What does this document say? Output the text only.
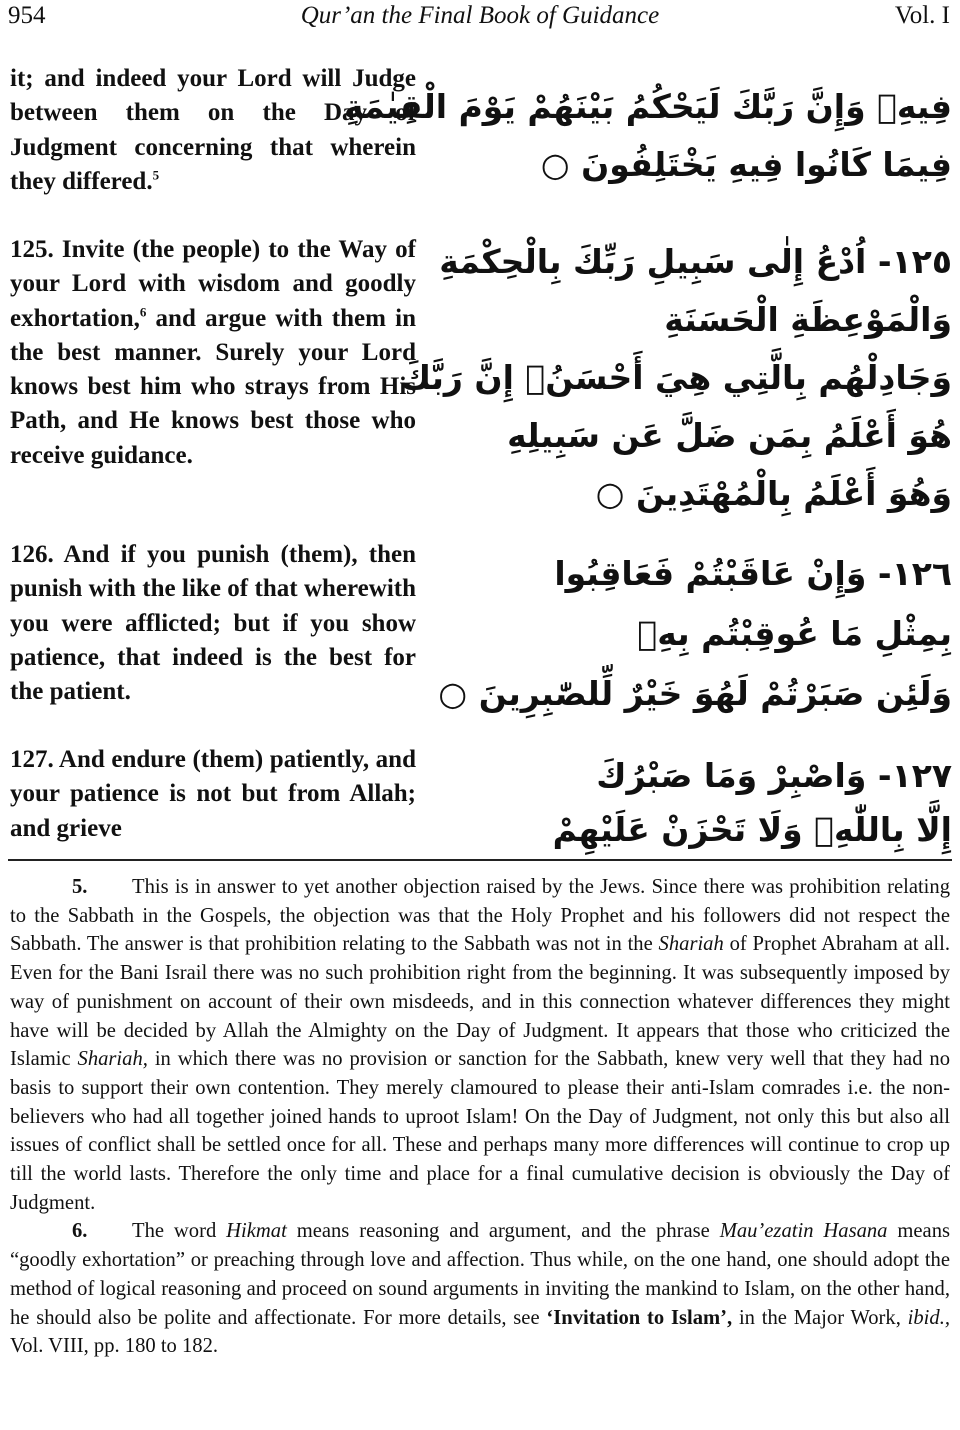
954	Qur’an the Final Book of Guidance	Vol. I
it; and indeed your Lord will Judge between them on the Day of Judgment concerning that wherein they differed.$^5$
فِيهِۚ وَإِنَّ رَبَّكَ لَيَحْكُمُ بَيْنَهُمْ يَوْمَ الْقِيٰمَةِ
فِيمَا كَانُوا فِيهِ يَخْتَلِفُونَ ○
125. Invite (the people) to the Way of your Lord with wisdom and goodly exhortation,$^6$ and argue with them in the best manner. Surely your Lord knows best him who strays from His Path, and He knows best those who receive guidance.
١٢٥- اُدْعُ إِلٰى سَبِيلِ رَبِّكَ بِالْحِكْمَةِ
وَالْمَوْعِظَةِ الْحَسَنَةِ
وَجَادِلْهُم بِالَّتِي هِيَ أَحْسَنُۚ إِنَّ رَبَّكَ
هُوَ أَعْلَمُ بِمَن ضَلَّ عَن سَبِيلِهِ
وَهُوَ أَعْلَمُ بِالْمُهْتَدِينَ ○
126. And if you punish (them), then punish with the like of that wherewith you were afflicted; but if you show patience, that indeed is the best for the patient.
١٢٦- وَإِنْ عَاقَبْتُمْ فَعَاقِبُوا
بِمِثْلِ مَا عُوقِبْتُم بِهِۖ
وَلَئِن صَبَرْتُمْ لَهُوَ خَيْرٌ لِّلصّٰبِرِينَ ○
127. And endure (them) patiently, and your patience is not but from Allah; and grieve
١٢٧- وَاصْبِرْ وَمَا صَبْرُكَ
إِلَّا بِاللّٰهِۚ وَلَا تَحْزَنْ عَلَيْهِمْ

5. This is in answer to yet another objection raised by the Jews. Since there was prohibition relating to the Sabbath in the Gospels, the objection was that the Holy Prophet and his followers did not respect the Sabbath. The answer is that prohibition relating to the Sabbath was not in the Shariah of Prophet Abraham at all. Even for the Bani Israil there was no such prohibition right from the beginning. It was subsequently imposed by way of punishment on account of their own misdeeds, and in this connection whatever differences they might have will be decided by Allah the Almighty on the Day of Judgment. It appears that those who criticized the Islamic Shariah, in which there was no provision or sanction for the Sabbath, knew very well that they had no basis to support their own contention. They merely clamoured to please their anti-Islam comrades i.e. the non-believers who had all together joined hands to uproot Islam! On the Day of Judgment, not only this but also all issues of conflict shall be settled once for all. These and perhaps many more differences will continue to crop up till the world lasts. Therefore the only time and place for a final cumulative decision is obviously the Day of Judgment.

6. The word Hikmat means reasoning and argument, and the phrase Mau’ezatin Hasana means “goodly exhortation” or preaching through love and affection. Thus while, on the one hand, one should adopt the method of logical reasoning and proceed on sound arguments in inviting the mankind to Islam, on the other hand, he should also be polite and affectionate. For more details, see ‘Invitation to Islam’, in the Major Work, ibid., Vol. VIII, pp. 180 to 182.
